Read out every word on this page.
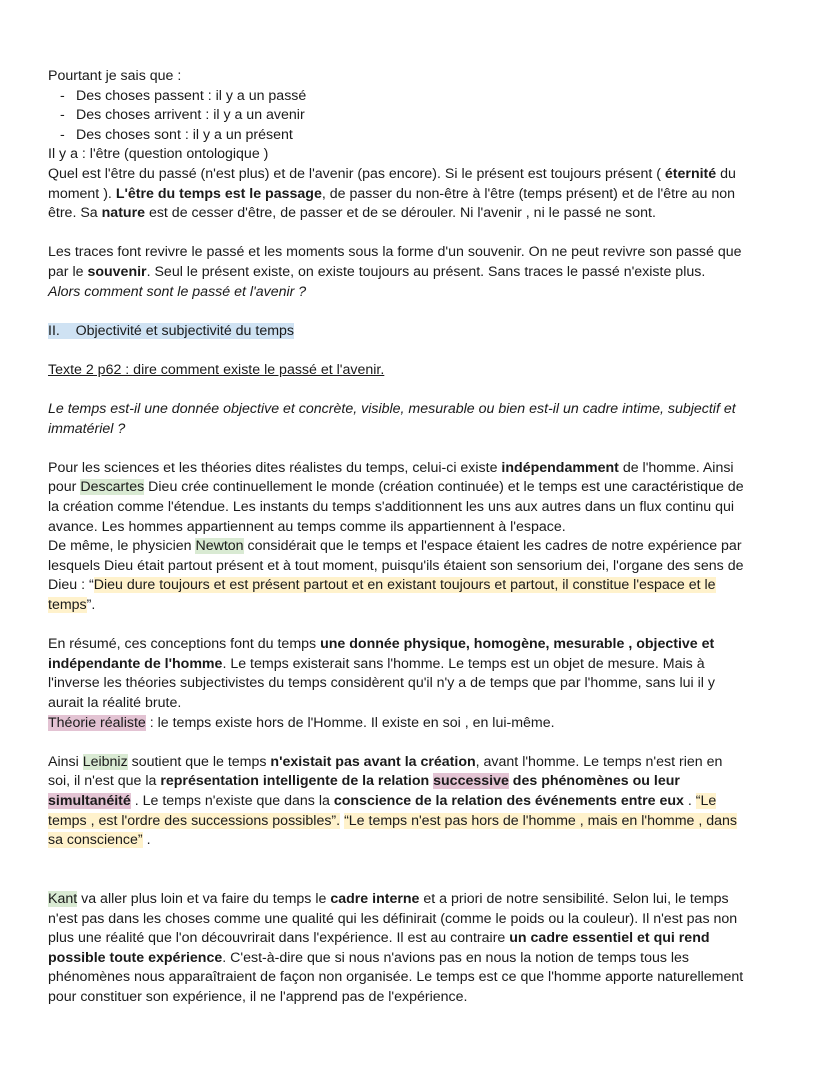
Pourtant je sais que :
- Des choses passent : il y a un passé
- Des choses arrivent : il y a un avenir
- Des choses sont : il y a un présent
Il y a : l'être (question ontologique )
Quel est l'être du passé (n'est plus) et de l'avenir (pas encore). Si le présent est toujours présent ( éternité du
moment ). L'être du temps est le passage, de passer du non-être à l'être (temps présent) et de l'être au non
être. Sa nature est de cesser d'être, de passer et de se dérouler. Ni l'avenir , ni le passé ne sont.
Les traces font revivre le passé et les moments sous la forme d'un souvenir. On ne peut revivre son passé que
par le souvenir. Seul le présent existe, on existe toujours au présent. Sans traces le passé n'existe plus.
Alors comment sont le passé et l'avenir ?
II.    Objectivité et subjectivité du temps
Texte 2 p62 : dire comment existe le passé et l'avenir.
Le temps est-il une donnée objective et concrète, visible, mesurable ou bien est-il un cadre intime, subjectif et
immatériel ?
Pour les sciences et les théories dites réalistes du temps, celui-ci existe indépendamment de l'homme. Ainsi
pour Descartes Dieu crée continuellement le monde (création continuée) et le temps est une caractéristique de
la création comme l'étendue. Les instants du temps s'additionnent les uns aux autres dans un flux continu qui
avance. Les hommes appartiennent au temps comme ils appartiennent à l'espace.
De même, le physicien Newton considérait que le temps et l'espace étaient les cadres de notre expérience par
lesquels Dieu était partout présent et à tout moment, puisqu'ils étaient son sensorium dei, l'organe des sens de
Dieu : “Dieu dure toujours et est présent partout et en existant toujours et partout, il constitue l'espace et le
temps”.
En résumé, ces conceptions font du temps une donnée physique, homogène, mesurable , objective et
indépendante de l'homme. Le temps existerait sans l'homme. Le temps est un objet de mesure. Mais à
l'inverse les théories subjectivistes du temps considèrent qu'il n'y a de temps que par l'homme, sans lui il y
aurait la réalité brute.
Théorie réaliste : le temps existe hors de l'Homme. Il existe en soi , en lui-même.
Ainsi Leibniz soutient que le temps n'existait pas avant la création, avant l'homme. Le temps n'est rien en
soi, il n'est que la représentation intelligente de la relation successive des phénomènes ou leur
simultanéité . Le temps n'existe que dans la conscience de la relation des événements entre eux . “Le
temps , est l'ordre des successions possibles”. “Le temps n'est pas hors de l'homme , mais en l'homme , dans
sa conscience” .
Kant va aller plus loin et va faire du temps le cadre interne et a priori de notre sensibilité. Selon lui, le temps
n'est pas dans les choses comme une qualité qui les définirait (comme le poids ou la couleur). Il n'est pas non
plus une réalité que l'on découvrirait dans l'expérience. Il est au contraire un cadre essentiel et qui rend
possible toute expérience. C'est-à-dire que si nous n'avions pas en nous la notion de temps tous les
phénomènes nous apparaîtraient de façon non organisée. Le temps est ce que l'homme apporte naturellement
pour constituer son expérience, il ne l'apprend pas de l'expérience.
